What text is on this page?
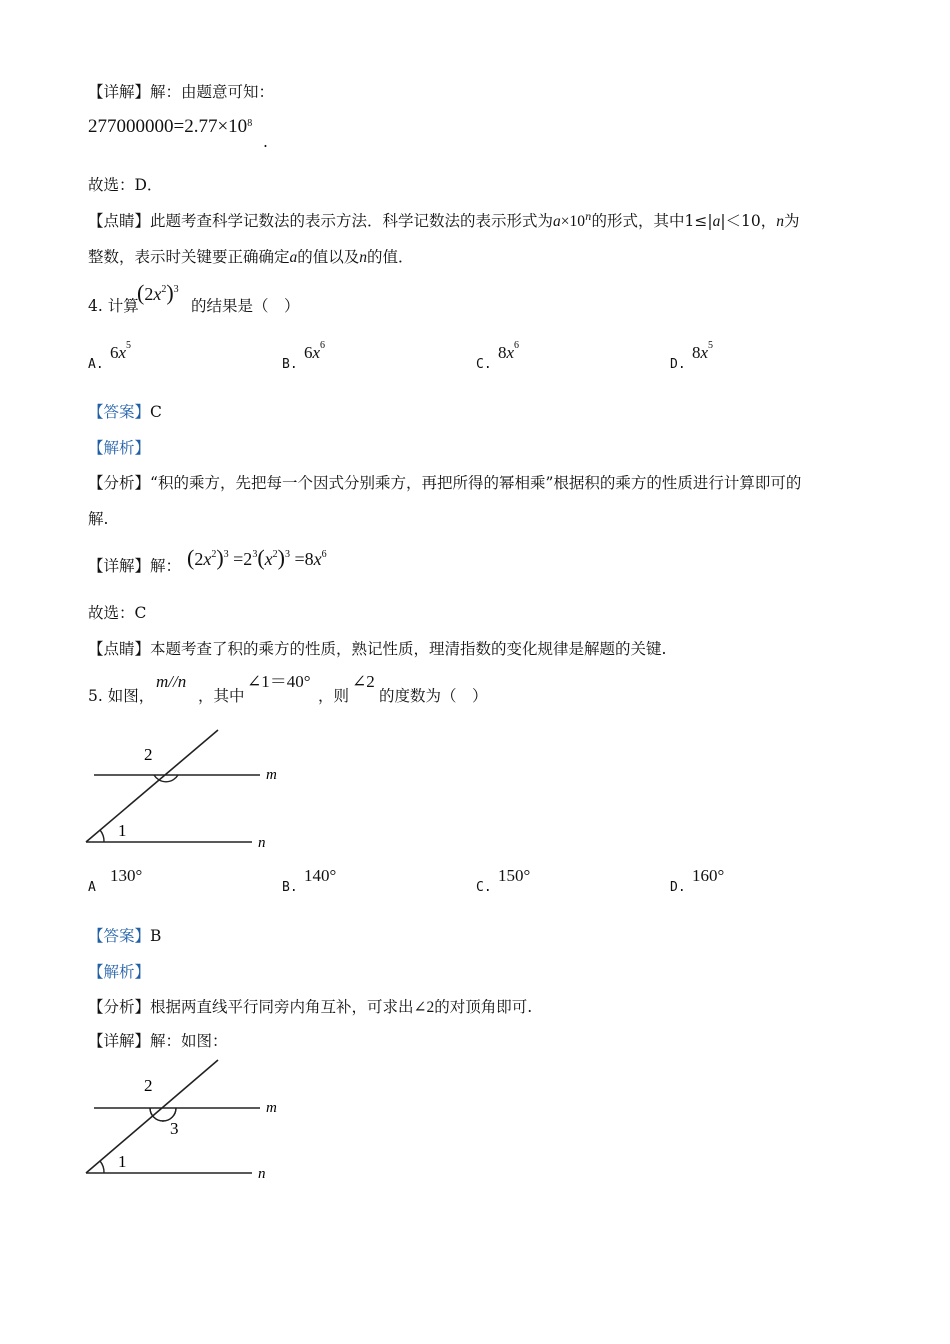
【详解】解：由题意可知：
$277000000=2.77\times 10^8$
.
故选：D．
【点睛】此题考查科学记数法的表示方法．科学记数法的表示形式为$a\times 10^n$的形式，其中1≤|a|＜10，n为
整数，表示时关键要正确确定a的值以及n的值．
4. 计算
$(2x^2)^3$
的结果是（　）
A.
$6x^5$
B.
$6x^6$
C.
$8x^6$
D.
$8x^5$
【答案】C
【解析】
【分析】“积的乘方，先把每一个因式分别乘方，再把所得的幂相乘”根据积的乘方的性质进行计算即可的
解.
【详解】解： $(2x^2)^3 =2^3(x^2)^3 =8x^6$
故选：C
【点睛】本题考查了积的乘方的性质，熟记性质，理清指数的变化规律是解题的关键.
5. 如图，
m//n
，其中
∠1＝40°
，则
∠2
的度数为（　）
2
1
m
n
A
130°
B.
140°
C.
150°
D.
160°
【答案】B
【解析】
【分析】根据两直线平行同旁内角互补，可求出∠2的对顶角即可.
【详解】解：如图：
2
3
1
m
n
